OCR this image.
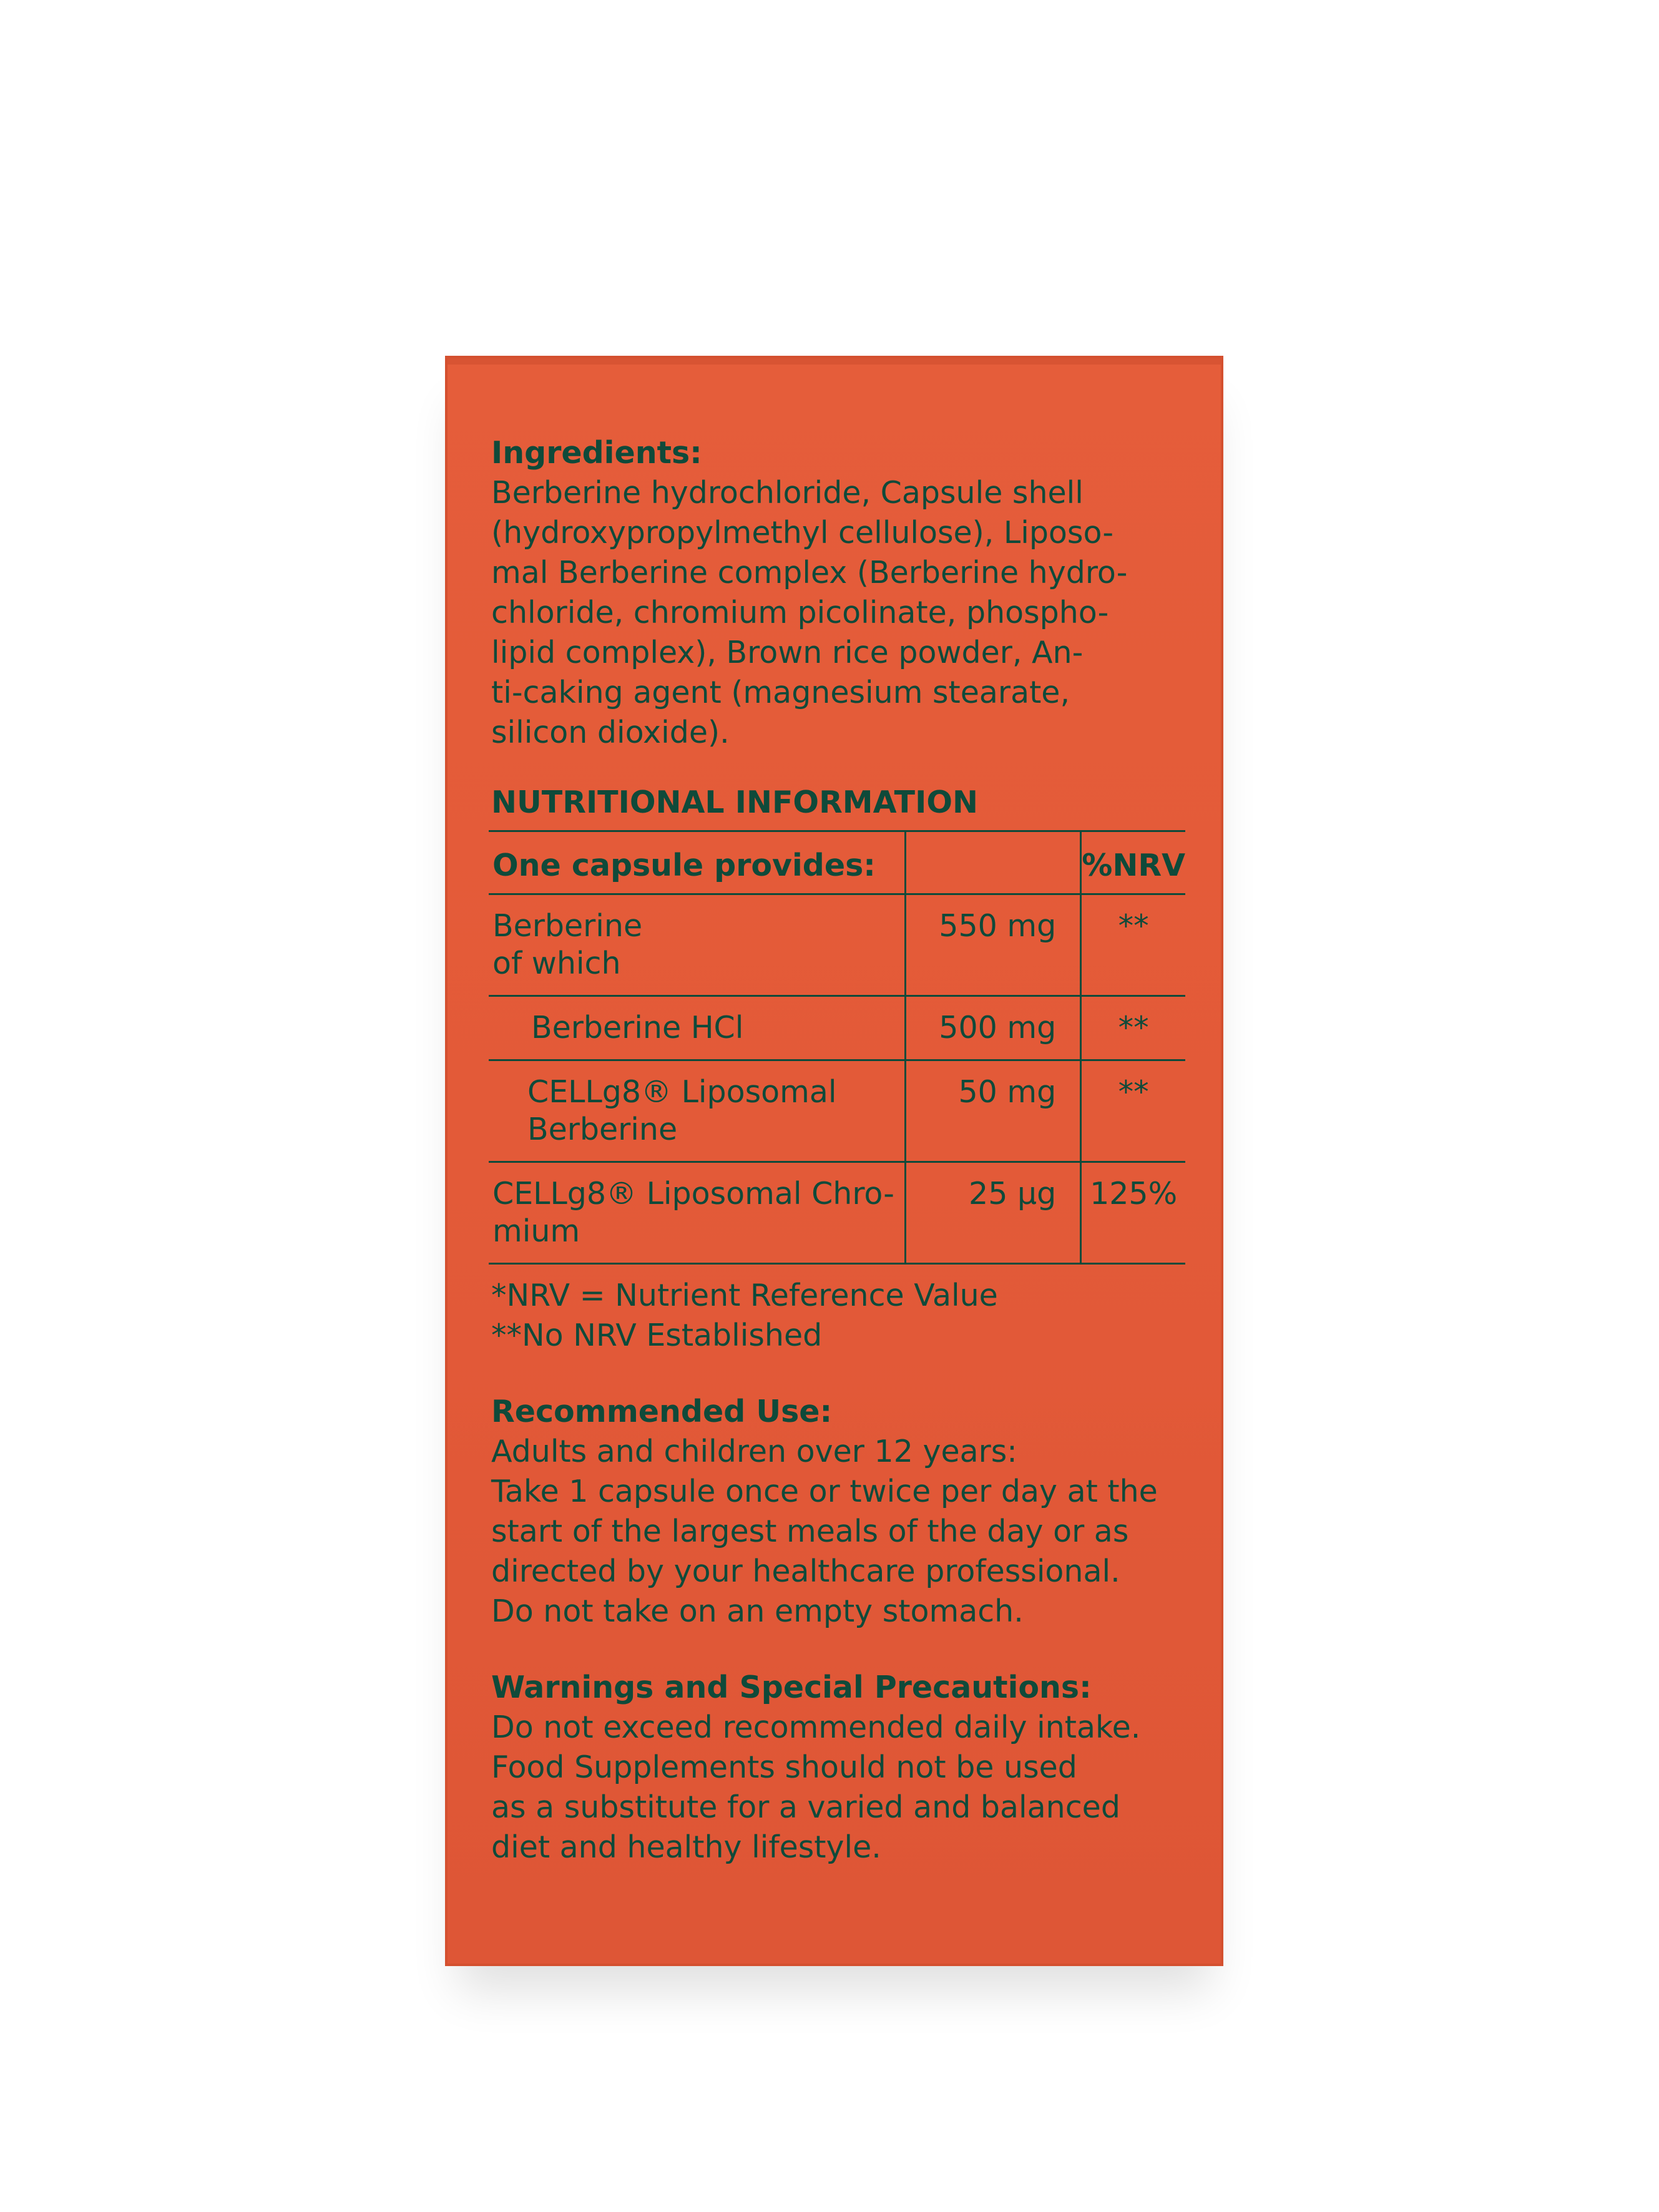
Ingredients:

Berberine hydrochloride, Capsule shell
(hydroxypropylmethyl cellulose), Liposo-
mal Berberine complex (Berberine hydro-
chloride, chromium picolinate, phospho-
lipid complex), Brown rice powder, An-
ti-caking agent (magnesium stearate,
silicon dioxide).

NUTRITIONAL INFORMATION

One capsule provides:		%NRV
Berberine
of which	550 mg	**
Berberine HCl	500 mg	**
CELLg8® Liposomal
Berberine	50 mg	**
CELLg8® Liposomal Chro-
mium	25 µg	125%

*NRV = Nutrient Reference Value

**No NRV Established

Recommended Use:

Adults and children over 12 years:
Take 1 capsule once or twice per day at the
start of the largest meals of the day or as
directed by your healthcare professional.
Do not take on an empty stomach.

Warnings and Special Precautions:

Do not exceed recommended daily intake.
Food Supplements should not be used
as a substitute for a varied and balanced
diet and healthy lifestyle.
